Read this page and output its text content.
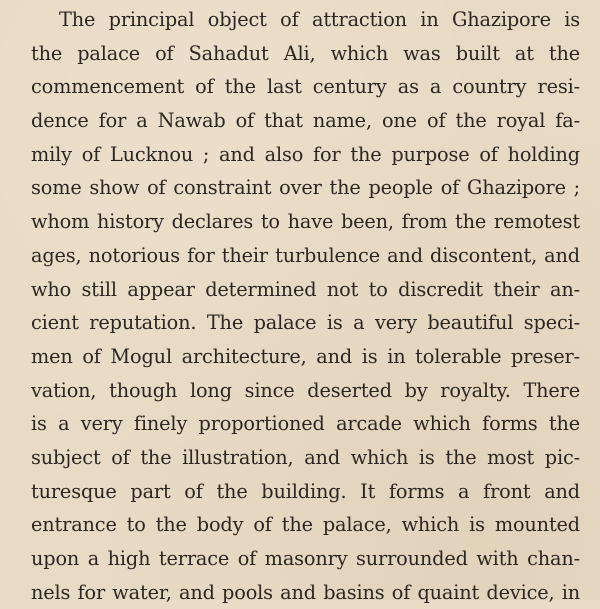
The principal object of attraction in Ghazipore is
the palace of Sahadut Ali, which was built at the
commencement of the last century as a country resi-
dence for a Nawab of that name, one of the royal fa-
mily of Lucknou ; and also for the purpose of holding
some show of constraint over the people of Ghazipore ;
whom history declares to have been, from the remotest
ages, notorious for their turbulence and discontent, and
who still appear determined not to discredit their an-
cient reputation. The palace is a very beautiful speci-
men of Mogul architecture, and is in tolerable preser-
vation, though long since deserted by royalty. There
is a very finely proportioned arcade which forms the
subject of the illustration, and which is the most pic-
turesque part of the building. It forms a front and
entrance to the body of the palace, which is mounted
upon a high terrace of masonry surrounded with chan-
nels for water, and pools and basins of quaint device, in
